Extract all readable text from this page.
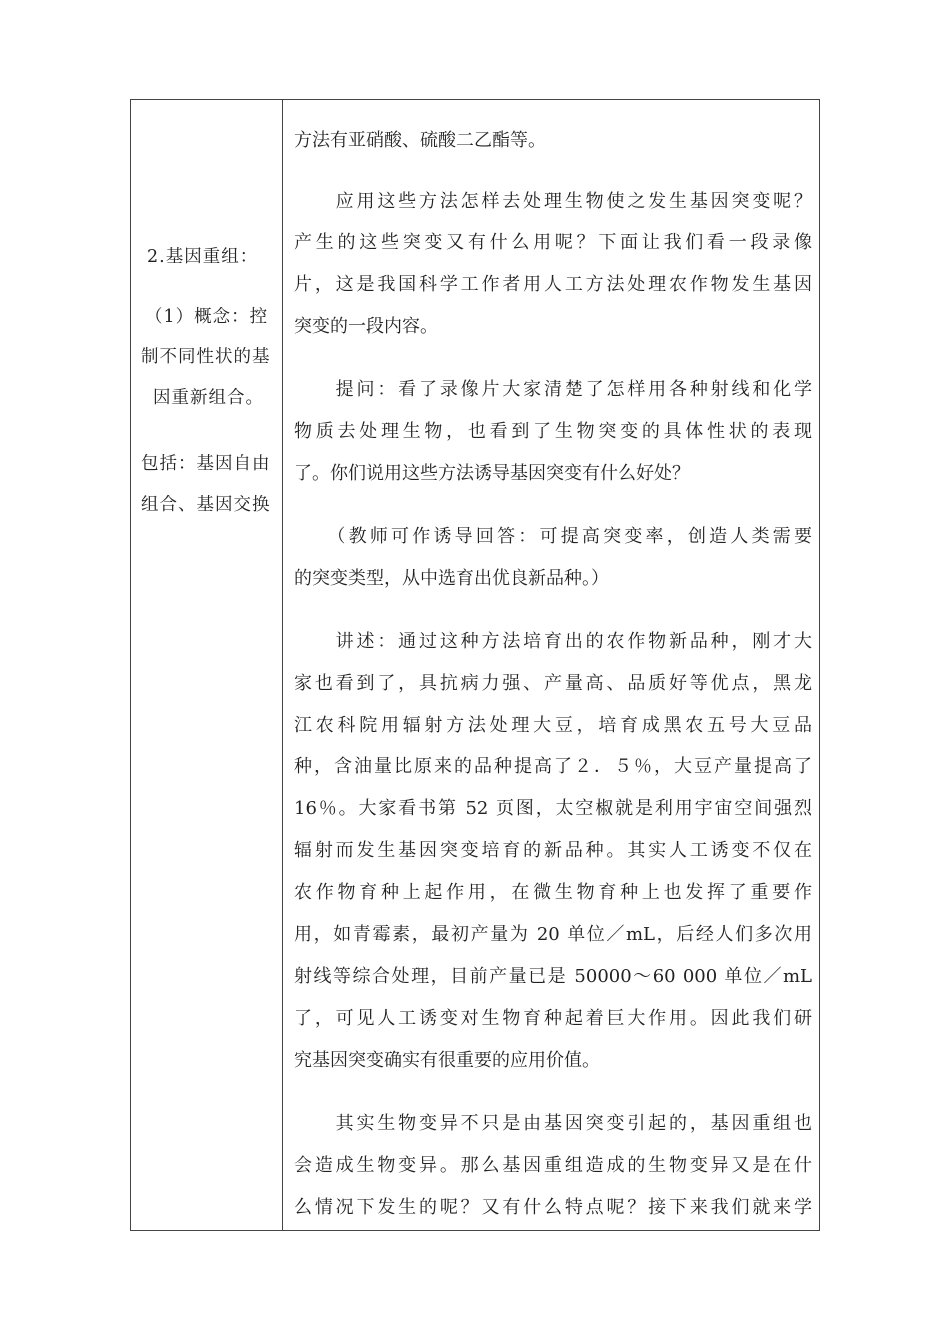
2.基因重组：
（1）概念：控
制不同性状的基
因重新组合。
包括：基因自由
组合、基因交换
方法有亚硝酸、硫酸二乙酯等。
　　应用这些方法怎样去处理生物使之发生基因突变呢？
产生的这些突变又有什么用呢？下面让我们看一段录像
片，这是我国科学工作者用人工方法处理农作物发生基因
突变的一段内容。
　　提问：看了录像片大家清楚了怎样用各种射线和化学
物质去处理生物，也看到了生物突变的具体性状的表现
了。你们说用这些方法诱导基因突变有什么好处？
　　（教师可作诱导回答：可提高突变率，创造人类需要
的突变类型，从中选育出优良新品种。）
　　讲述：通过这种方法培育出的农作物新品种，刚才大
家也看到了，具抗病力强、产量高、品质好等优点，黑龙
江农科院用辐射方法处理大豆，培育成黑农五号大豆品
种，含油量比原来的品种提高了２．５％，大豆产量提高了
16％。大家看书第 52 页图，太空椒就是利用宇宙空间强烈
辐射而发生基因突变培育的新品种。其实人工诱变不仅在
农作物育种上起作用，在微生物育种上也发挥了重要作
用，如青霉素，最初产量为 20 单位／mL，后经人们多次用
射线等综合处理，目前产量已是 50000～60 000 单位／mL
了，可见人工诱变对生物育种起着巨大作用。因此我们研
究基因突变确实有很重要的应用价值。
　　其实生物变异不只是由基因突变引起的，基因重组也
会造成生物变异。那么基因重组造成的生物变异又是在什
么情况下发生的呢？又有什么特点呢？接下来我们就来学
